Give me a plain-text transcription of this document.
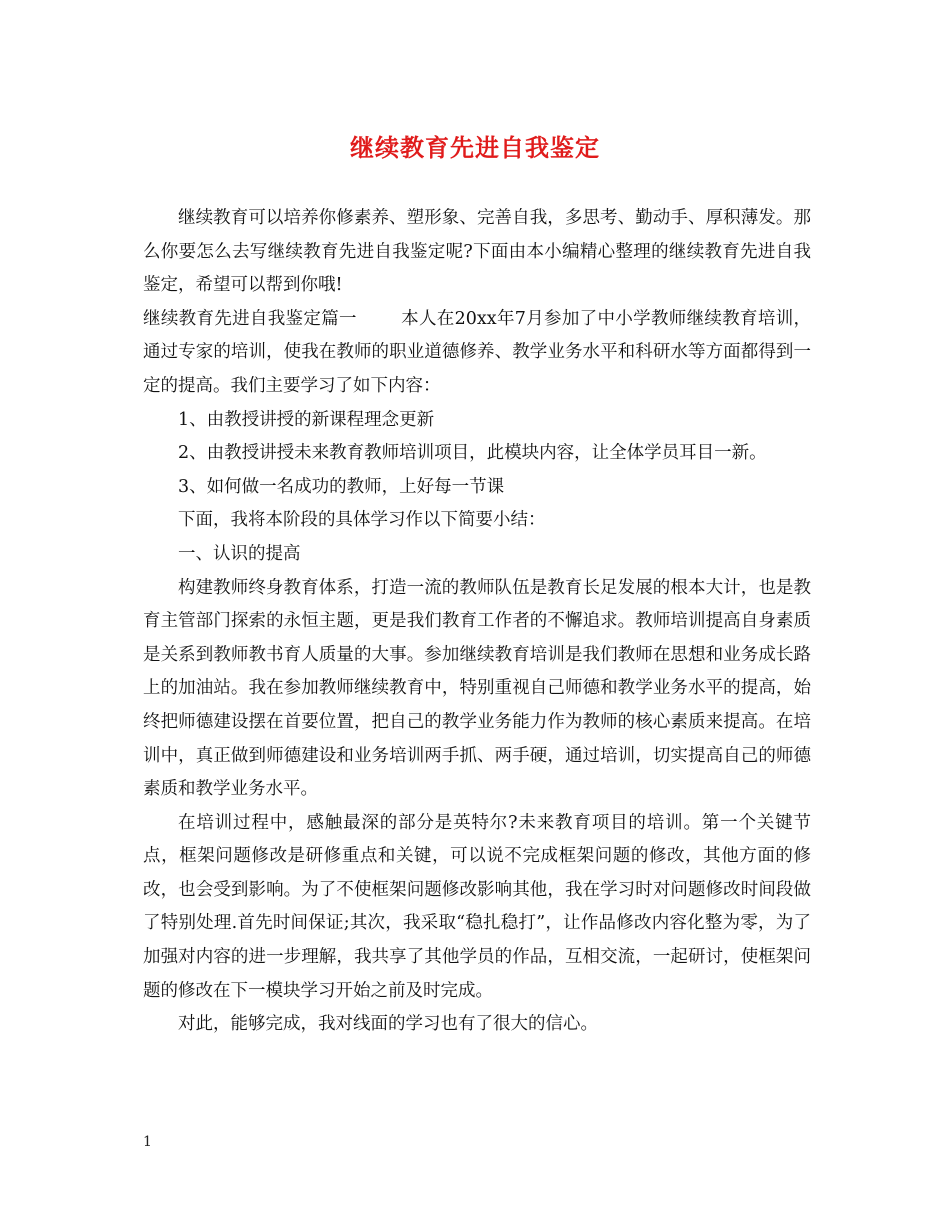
继续教育先进自我鉴定

继续教育可以培养你修素养、塑形象、完善自我，多思考、勤动手、厚积薄发。那么你要怎么去写继续教育先进自我鉴定呢?下面由本小编精心整理的继续教育先进自我鉴定，希望可以帮到你哦!

继续教育先进自我鉴定篇一	本人在20xx年7月参加了中小学教师继续教育培训，通过专家的培训，使我在教师的职业道德修养、教学业务水平和科研水等方面都得到一定的提高。我们主要学习了如下内容：

1、由教授讲授的新课程理念更新

2、由教授讲授未来教育教师培训项目，此模块内容，让全体学员耳目一新。

3、如何做一名成功的教师，上好每一节课

下面，我将本阶段的具体学习作以下简要小结：

一、认识的提高

构建教师终身教育体系，打造一流的教师队伍是教育长足发展的根本大计，也是教育主管部门探索的永恒主题，更是我们教育工作者的不懈追求。教师培训提高自身素质是关系到教师教书育人质量的大事。参加继续教育培训是我们教师在思想和业务成长路上的加油站。我在参加教师继续教育中，特别重视自己师德和教学业务水平的提高，始终把师德建设摆在首要位置，把自己的教学业务能力作为教师的核心素质来提高。在培训中，真正做到师德建设和业务培训两手抓、两手硬，通过培训，切实提高自己的师德素质和教学业务水平。

在培训过程中，感触最深的部分是英特尔?未来教育项目的培训。第一个关键节点，框架问题修改是研修重点和关键，可以说不完成框架问题的修改，其他方面的修改，也会受到影响。为了不使框架问题修改影响其他，我在学习时对问题修改时间段做了特别处理.首先时间保证;其次，我采取“稳扎稳打”，让作品修改内容化整为零，为了加强对内容的进一步理解，我共享了其他学员的作品，互相交流，一起研讨，使框架问题的修改在下一模块学习开始之前及时完成。

对此，能够完成，我对线面的学习也有了很大的信心。

1
